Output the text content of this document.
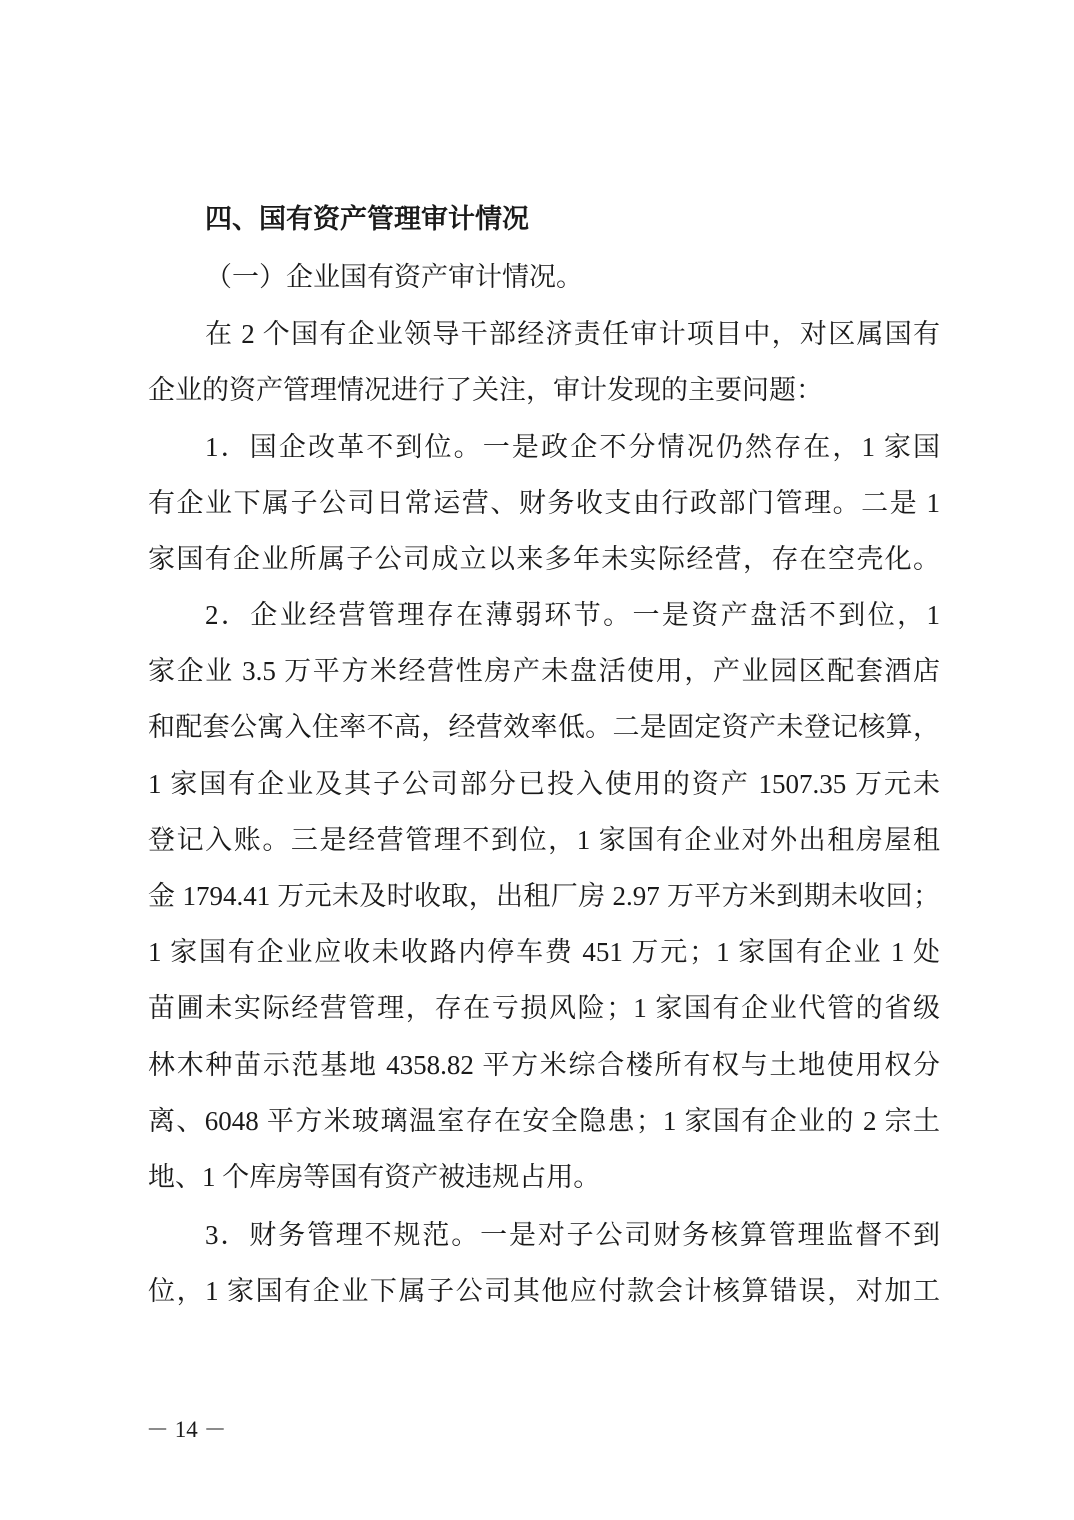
四、国有资产管理审计情况
（一）企业国有资产审计情况。
在 2 个国有企业领导干部经济责任审计项目中，对区属国有
企业的资产管理情况进行了关注，审计发现的主要问题：
1．国企改革不到位。一是政企不分情况仍然存在，1 家国
有企业下属子公司日常运营、财务收支由行政部门管理。二是 1
家国有企业所属子公司成立以来多年未实际经营，存在空壳化。
2．企业经营管理存在薄弱环节。一是资产盘活不到位，1
家企业 3.5 万平方米经营性房产未盘活使用，产业园区配套酒店
和配套公寓入住率不高，经营效率低。二是固定资产未登记核算，
1 家国有企业及其子公司部分已投入使用的资产 1507.35 万元未
登记入账。三是经营管理不到位，1 家国有企业对外出租房屋租
金 1794.41 万元未及时收取，出租厂房 2.97 万平方米到期未收回；
1 家国有企业应收未收路内停车费 451 万元；1 家国有企业 1 处
苗圃未实际经营管理，存在亏损风险；1 家国有企业代管的省级
林木种苗示范基地 4358.82 平方米综合楼所有权与土地使用权分
离、6048 平方米玻璃温室存在安全隐患；1 家国有企业的 2 宗土
地、1 个库房等国有资产被违规占用。
3．财务管理不规范。一是对子公司财务核算管理监督不到
位，1 家国有企业下属子公司其他应付款会计核算错误，对加工
－ 14 －
